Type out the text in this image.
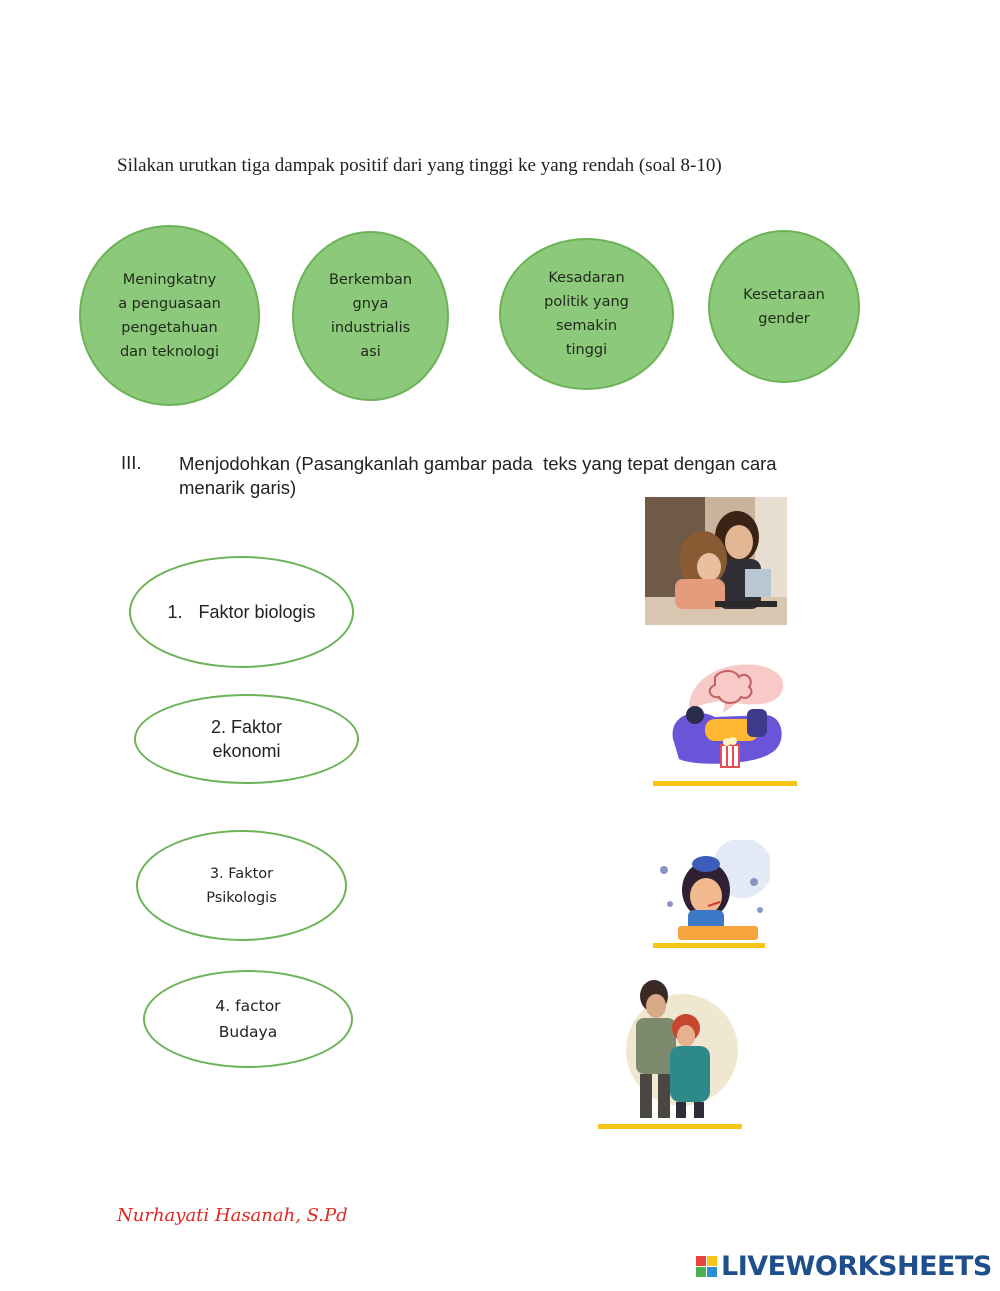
Silakan urutkan tiga dampak positif dari yang tinggi ke yang rendah (soal 8-10)
Meningkatny
a penguasaan
pengetahuan
dan teknologi
Berkemban
gnya
industrialis
asi
Kesadaran
politik yang
semakin
tinggi
Kesetaraan
gender
III. Menjodohkan (Pasangkanlah gambar pada  teks yang tepat dengan cara
menarik garis)
1. Faktor biologis
2. Faktor
ekonomi
3. Faktor
Psikologis
4. factor
Budaya
Nurhayati Hasanah, S.Pd
LIVEWORKSHEETS
